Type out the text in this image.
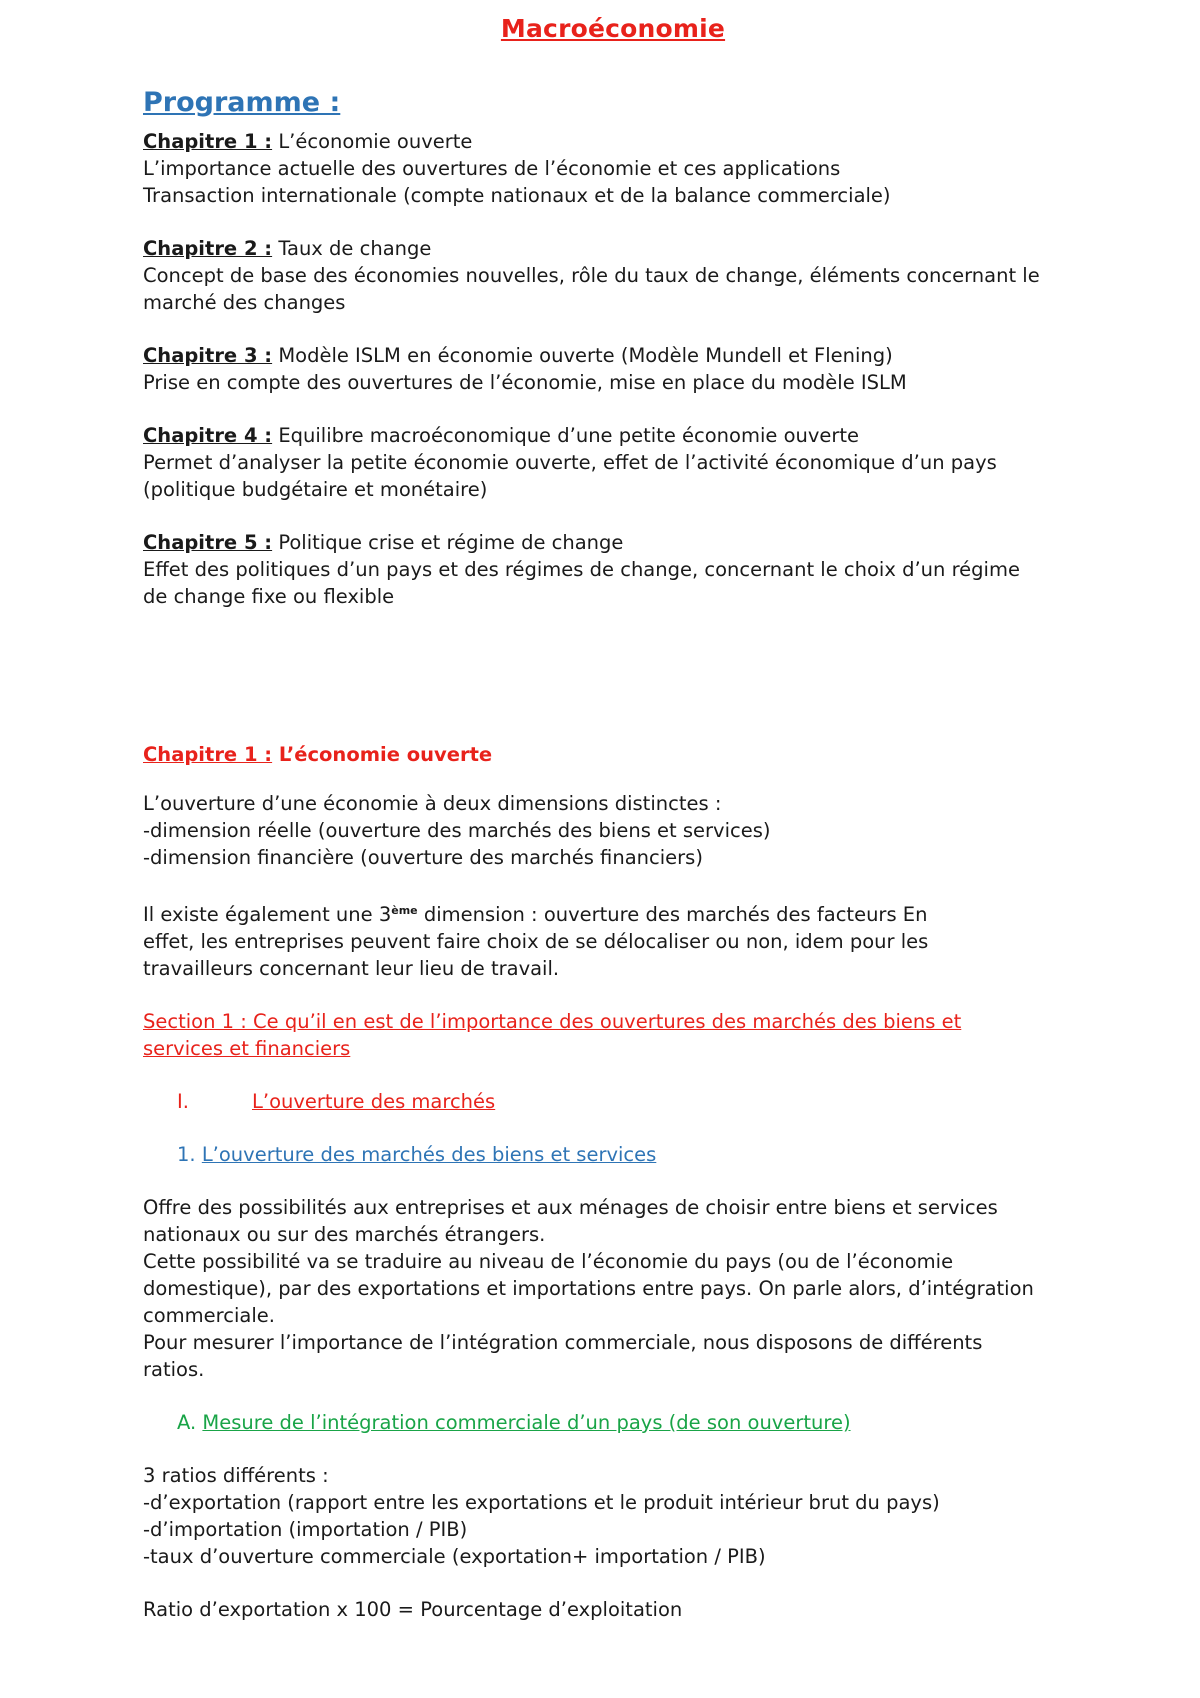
Macroéconomie
Programme :

Chapitre 1 : L’économie ouverte

L’importance actuelle des ouvertures de l’économie et ces applications

Transaction internationale (compte nationaux et de la balance commerciale)

Chapitre 2 : Taux de change

Concept de base des économies nouvelles, rôle du taux de change, éléments concernant le

marché des changes

Chapitre 3 : Modèle ISLM en économie ouverte (Modèle Mundell et Flening)

Prise en compte des ouvertures de l’économie, mise en place du modèle ISLM

Chapitre 4 : Equilibre macroéconomique d’une petite économie ouverte

Permet d’analyser la petite économie ouverte, effet de l’activité économique d’un pays

(politique budgétaire et monétaire)

Chapitre 5 : Politique crise et régime de change

Effet des politiques d’un pays et des régimes de change, concernant le choix d’un régime

de change fixe ou flexible

Chapitre 1 : L’économie ouverte

L’ouverture d’une économie à deux dimensions distinctes :

-dimension réelle (ouverture des marchés des biens et services)

-dimension financière (ouverture des marchés financiers)

Il existe également une 3ème dimension : ouverture des marchés des facteurs En

effet, les entreprises peuvent faire choix de se délocaliser ou non, idem pour les

travailleurs concernant leur lieu de travail.

Section 1 : Ce qu’il en est de l’importance des ouvertures des marchés des biens et

services et financiers

I.	L’ouverture des marchés

1. L’ouverture des marchés des biens et services

Offre des possibilités aux entreprises et aux ménages de choisir entre biens et services

nationaux ou sur des marchés étrangers.

Cette possibilité va se traduire au niveau de l’économie du pays (ou de l’économie

domestique), par des exportations et importations entre pays. On parle alors, d’intégration

commerciale.

Pour mesurer l’importance de l’intégration commerciale, nous disposons de différents

ratios.

A. Mesure de l’intégration commerciale d’un pays (de son ouverture)

3 ratios différents :

-d’exportation (rapport entre les exportations et le produit intérieur brut du pays)

-d’importation (importation / PIB)

-taux d’ouverture commerciale (exportation+ importation / PIB)

Ratio d’exportation x 100 = Pourcentage d’exploitation
